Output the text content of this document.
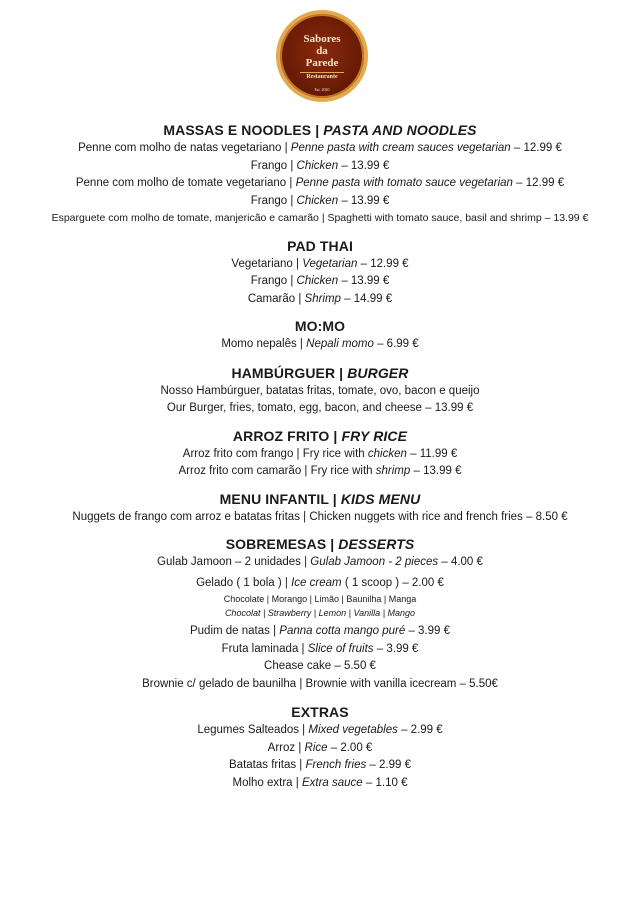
Sabores
da
Parede
Restaurante
Est. 2020
MASSAS E NOODLES | PASTA AND NOODLES

Penne com molho de natas vegetariano | Penne pasta with cream sauces vegetarian – 12.99 €

Frango | Chicken – 13.99 €

Penne com molho de tomate vegetariano | Penne pasta with tomato sauce vegetarian – 12.99 €

Frango | Chicken – 13.99 €

Esparguete com molho de tomate, manjericão e camarão | Spaghetti with tomato sauce, basil and shrimp – 13.99 €

PAD THAI

Vegetariano | Vegetarian – 12.99 €

Frango | Chicken – 13.99 €

Camarão | Shrimp – 14.99 €

MO:MO

Momo nepalês | Nepali momo – 6.99 €

HAMBÚRGUER | BURGER

Nosso Hambúrguer, batatas fritas, tomate, ovo, bacon e queijo

Our Burger, fries, tomato, egg, bacon, and cheese – 13.99 €

ARROZ FRITO | FRY RICE

Arroz frito com frango | Fry rice with chicken – 11.99 €

Arroz frito com camarão | Fry rice with shrimp – 13.99 €

MENU INFANTIL | KIDS MENU

Nuggets de frango com arroz e batatas fritas | Chicken nuggets with rice and french fries – 8.50 €

SOBREMESAS | DESSERTS

Gulab Jamoon – 2 unidades | Gulab Jamoon - 2 pieces – 4.00 €

Gelado ( 1 bola ) | Ice cream ( 1 scoop ) – 2.00 €

Chocolate | Morango | Limão | Baunilha | Manga
Chocolat | Strawberry | Lemon | Vanilla | Mango

Pudim de natas | Panna cotta mango puré – 3.99 €

Fruta laminada | Slice of fruits – 3.99 €

Chease cake – 5.50 €

Brownie c/ gelado de baunilha | Brownie with vanilla icecream – 5.50€

EXTRAS

Legumes Salteados | Mixed vegetables – 2.99 €

Arroz | Rice – 2.00 €

Batatas fritas | French fries – 2.99 €

Molho extra | Extra sauce – 1.10 €
